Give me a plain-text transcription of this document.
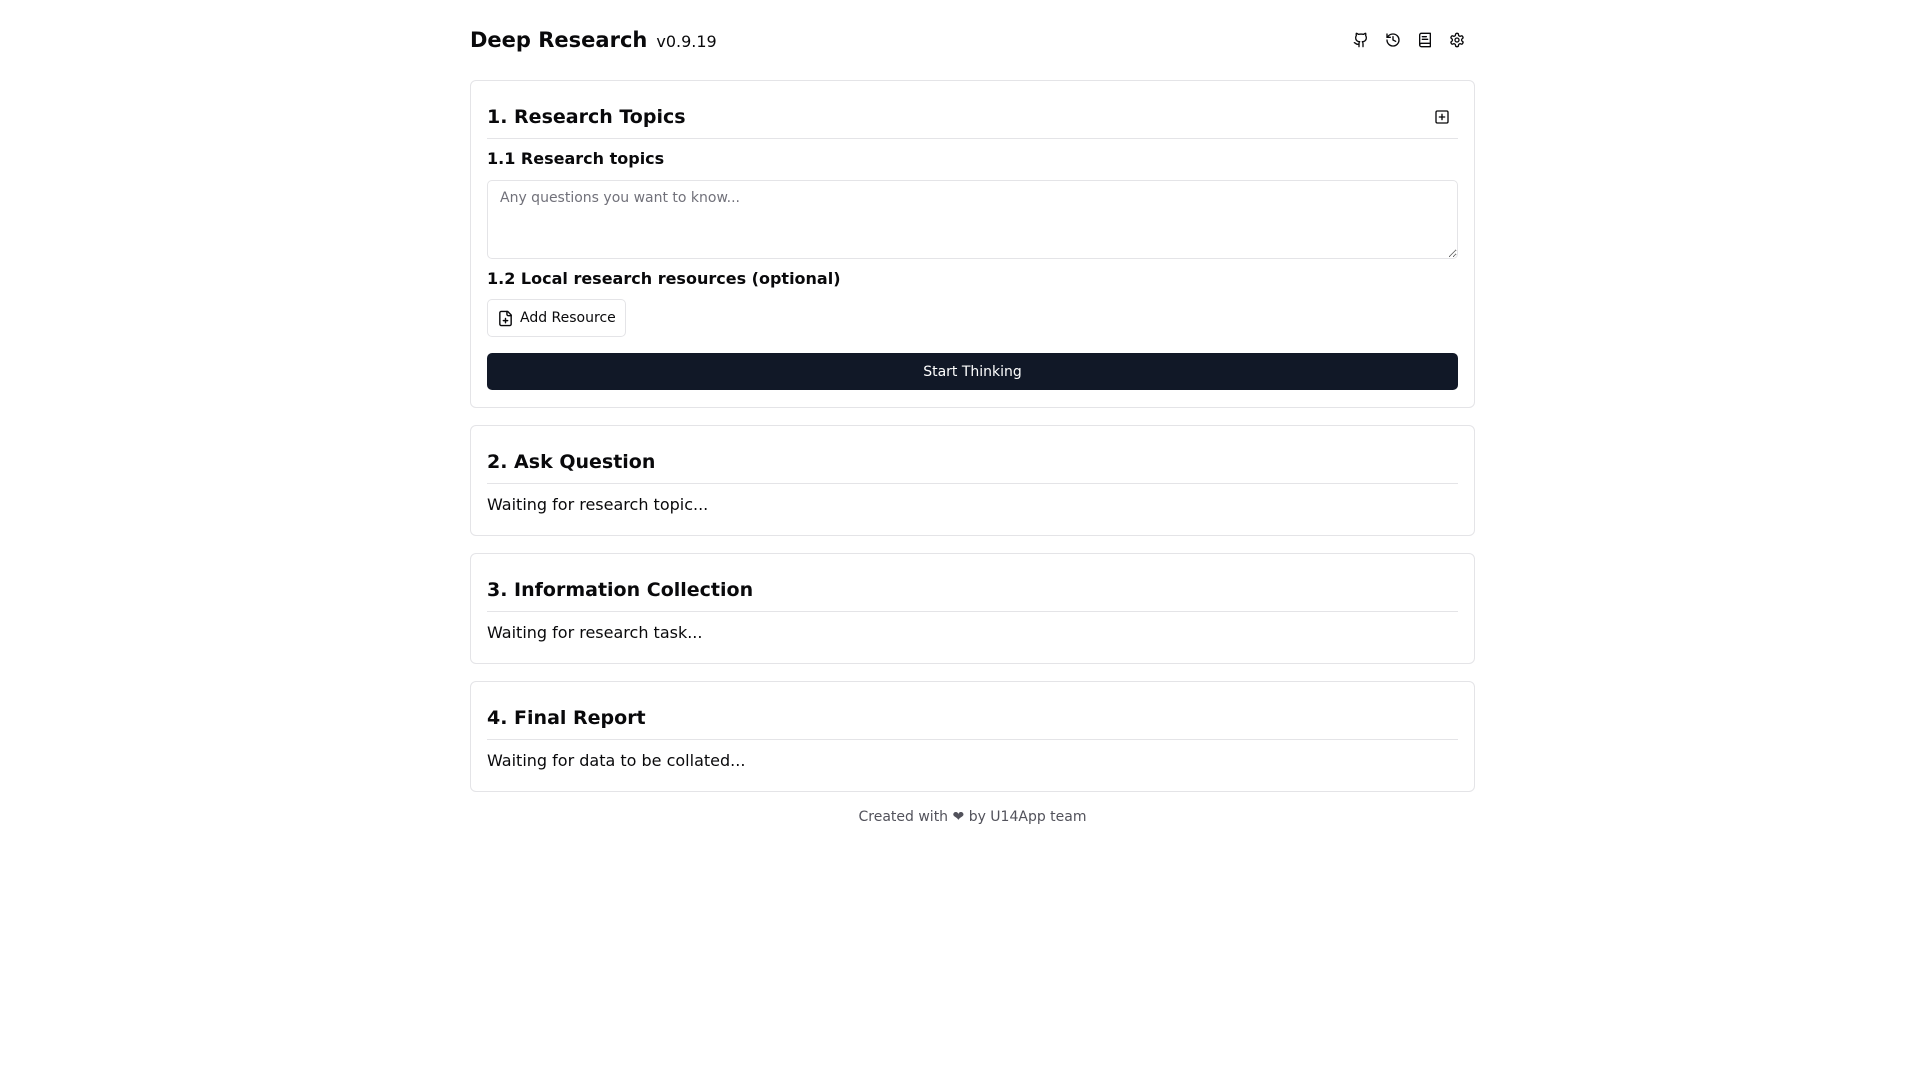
Deep Research v0.9.19
1. Research Topics
1.1 Research topics
Any questions you want to know...
1.2 Local research resources (optional)
Add Resource
Start Thinking
2. Ask Question

Waiting for research topic...

3. Information Collection

Waiting for research task...

4. Final Report

Waiting for data to be collated...

Created with ❤ by U14App team
